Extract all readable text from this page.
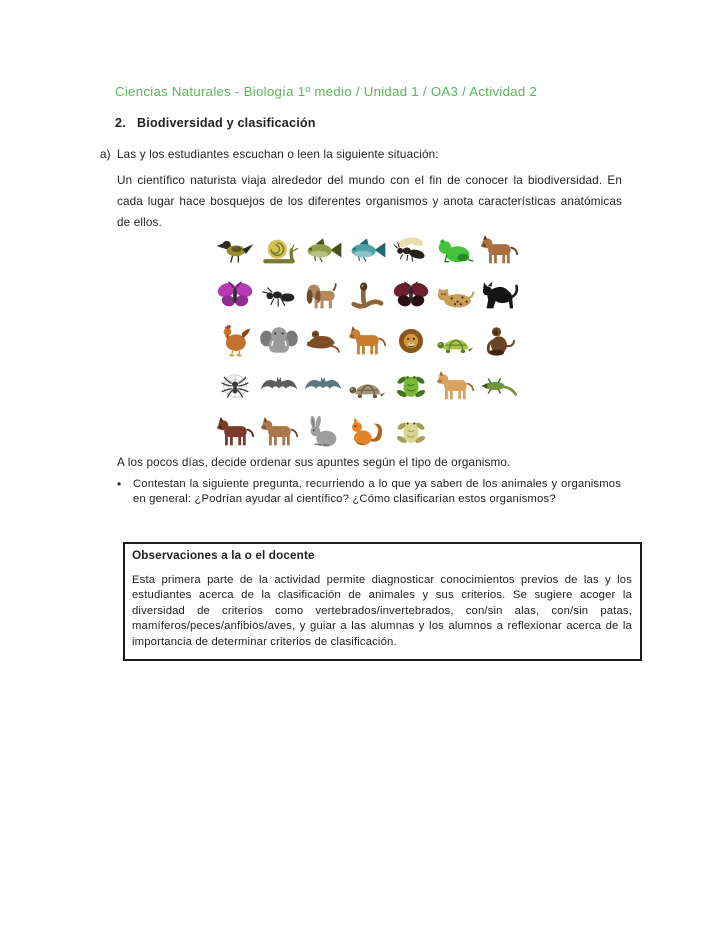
Ciencias Naturales - Biología 1º medio / Unidad 1 / OA3 / Actividad 2
2. Biodiversidad y clasificación
a) Las y los estudiantes escuchan o leen la siguiente situación:

Un científico naturista viaja alrededor del mundo con el fin de conocer la biodiversidad. En cada lugar hace bosquejos de los diferentes organismos y anota características anatómicas de ellos.

A los pocos días, decide ordenar sus apuntes según el tipo de organismo.
•	Contestan la siguiente pregunta, recurriendo a lo que ya saben de los animales y organismos en general: ¿Podrían ayudar al científico? ¿Cómo clasificarían estos organismos?
Observaciones a la o el docente
Esta primera parte de la actividad permite diagnosticar conocimientos previos de las y los estudiantes acerca de la clasificación de animales y sus criterios. Se sugiere acoger la diversidad de criterios como vertebrados/invertebrados, con/sin alas, con/sin patas, mamíferos/peces/anfibios/aves, y guiar a las alumnas y los alumnos a reflexionar acerca de la importancia de determinar criterios de clasificación.
